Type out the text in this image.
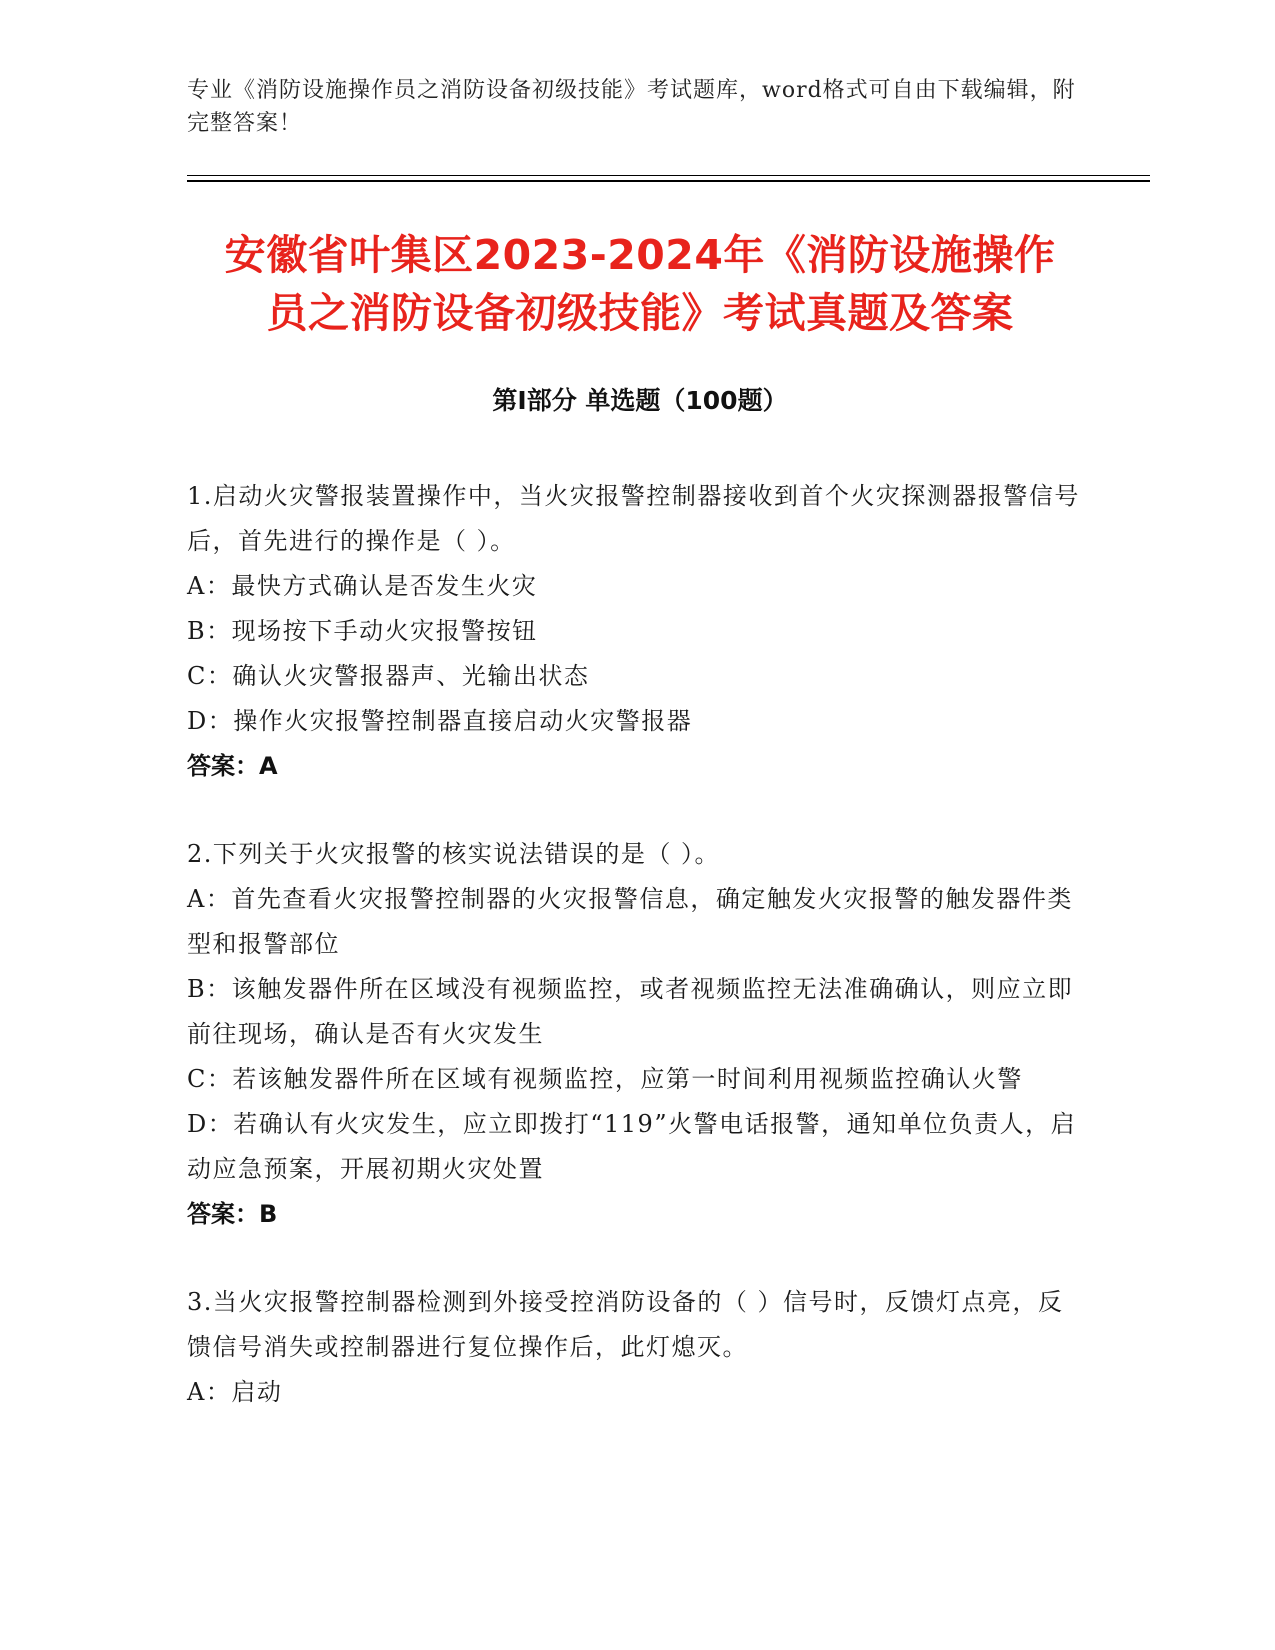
专业《消防设施操作员之消防设备初级技能》考试题库，word格式可自由下载编辑，附完整答案！
安徽省叶集区2023-2024年《消防设施操作
员之消防设备初级技能》考试真题及答案
第I部分 单选题（100题）
1.启动火灾警报装置操作中，当火灾报警控制器接收到首个火灾探测器报警信号后，首先进行的操作是（ ）。
A：最快方式确认是否发生火灾
B：现场按下手动火灾报警按钮
C：确认火灾警报器声、光输出状态
D：操作火灾报警控制器直接启动火灾警报器
答案：A
2.下列关于火灾报警的核实说法错误的是（ ）。
A：首先查看火灾报警控制器的火灾报警信息，确定触发火灾报警的触发器件类型和报警部位
B：该触发器件所在区域没有视频监控，或者视频监控无法准确确认，则应立即前往现场，确认是否有火灾发生
C：若该触发器件所在区域有视频监控，应第一时间利用视频监控确认火警
D：若确认有火灾发生，应立即拨打“119”火警电话报警，通知单位负责人，启动应急预案，开展初期火灾处置
答案：B
3.当火灾报警控制器检测到外接受控消防设备的（ ）信号时，反馈灯点亮，反馈信号消失或控制器进行复位操作后，此灯熄灭。
A：启动
